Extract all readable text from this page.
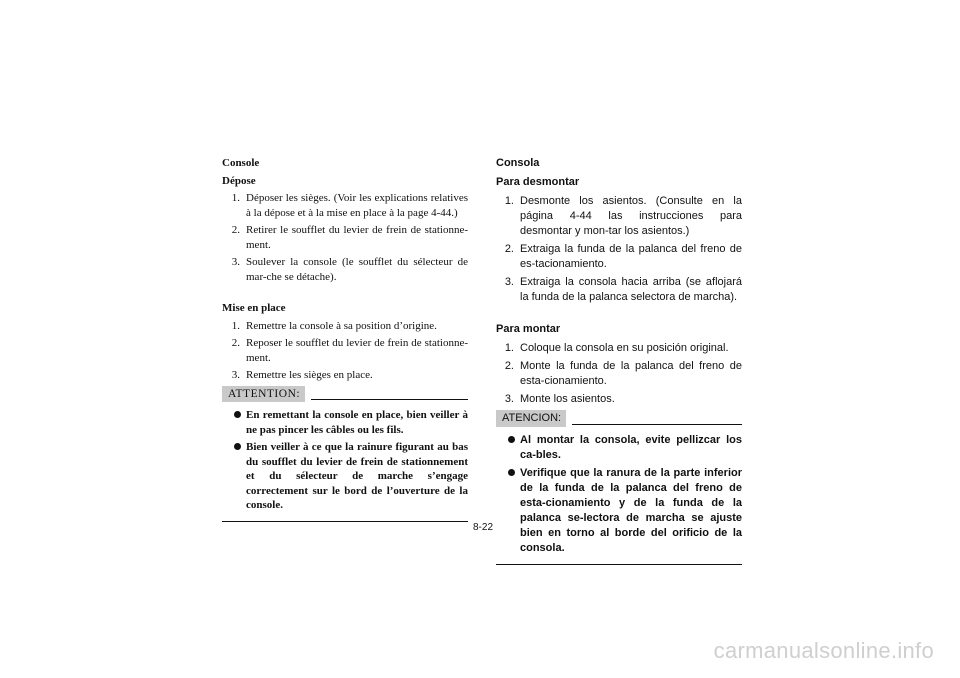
Console

Dépose

1. Déposer les sièges. (Voir les explications relatives à la dépose et à la mise en place à la page 4-44.)
2. Retirer le soufflet du levier de frein de stationne-ment.
3. Soulever la console (le soufflet du sélecteur de mar-che se détache).

Mise en place

1. Remettre la console à sa position d’origine.
2. Reposer le soufflet du levier de frein de stationne-ment.
3. Remettre les sièges en place.
ATTENTION:
En remettant la console en place, bien veiller à ne pas pincer les câbles ou les fils.
Bien veiller à ce que la rainure figurant au bas du soufflet du levier de frein de stationnement et du sélecteur de marche s’engage correctement sur le bord de l’ouverture de la console.

Consola

Para desmontar

1. Desmonte los asientos. (Consulte en la página 4-44 las instrucciones para desmontar y mon-tar los asientos.)
2. Extraiga la funda de la palanca del freno de es-tacionamiento.
3. Extraiga la consola hacia arriba (se aflojará la funda de la palanca selectora de marcha).

Para montar

1. Coloque la consola en su posición original.
2. Monte la funda de la palanca del freno de esta-cionamiento.
3. Monte los asientos.
ATENCION:
Al montar la consola, evite pellizcar los ca-bles.
Verifique que la ranura de la parte inferior de la funda de la palanca del freno de esta-cionamiento y de la funda de la palanca se-lectora de marcha se ajuste bien en torno al borde del orificio de la consola.
8-22
carmanualsonline.info
